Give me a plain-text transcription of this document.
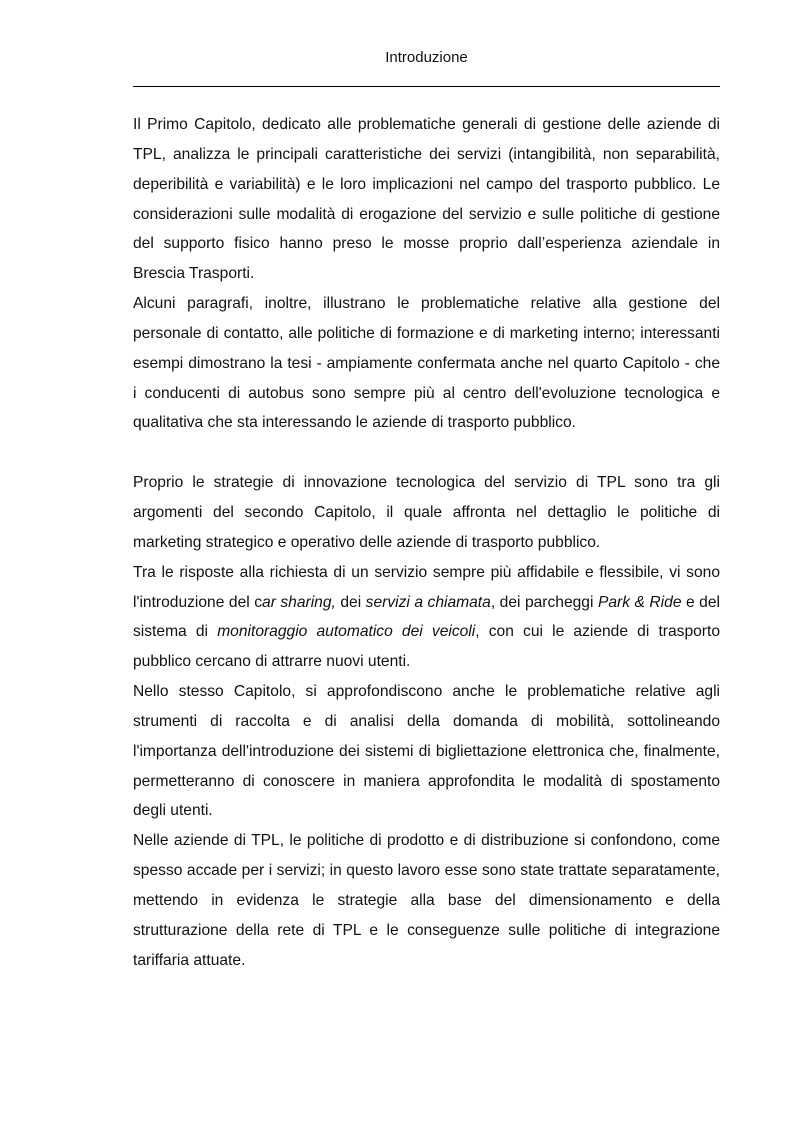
Introduzione

Il Primo Capitolo, dedicato alle problematiche generali di gestione delle aziende di TPL, analizza le principali caratteristiche dei servizi (intangibilità, non separabilità, deperibilità e variabilità) e le loro implicazioni nel campo del trasporto pubblico. Le considerazioni sulle modalità di erogazione del servizio e sulle politiche di gestione del supporto fisico hanno preso le mosse proprio dall’esperienza aziendale in Brescia Trasporti.

Alcuni paragrafi, inoltre, illustrano le problematiche relative alla gestione del personale di contatto, alle politiche di formazione e di marketing interno; interessanti esempi dimostrano la tesi - ampiamente confermata anche nel quarto Capitolo - che i conducenti di autobus sono sempre più al centro dell'evoluzione tecnologica e qualitativa che sta interessando le aziende di trasporto pubblico.

Proprio le strategie di innovazione tecnologica del servizio di TPL sono tra gli argomenti del secondo Capitolo, il quale affronta nel dettaglio le politiche di marketing strategico e operativo delle aziende di trasporto pubblico.

Tra le risposte alla richiesta di un servizio sempre più affidabile e flessibile, vi sono l'introduzione del car sharing, dei servizi a chiamata, dei parcheggi Park & Ride e del sistema di monitoraggio automatico dei veicoli, con cui le aziende di trasporto pubblico cercano di attrarre nuovi utenti.

Nello stesso Capitolo, si approfondiscono anche le problematiche relative agli strumenti di raccolta e di analisi della domanda di mobilità, sottolineando l'importanza dell'introduzione dei sistemi di bigliettazione elettronica che, finalmente, permetteranno di conoscere in maniera approfondita le modalità di spostamento degli utenti.

Nelle aziende di TPL, le politiche di prodotto e di distribuzione si confondono, come spesso accade per i servizi; in questo lavoro esse sono state trattate separatamente, mettendo in evidenza le strategie alla base del dimensionamento e della strutturazione della rete di TPL e le conseguenze sulle politiche di integrazione tariffaria attuate.
